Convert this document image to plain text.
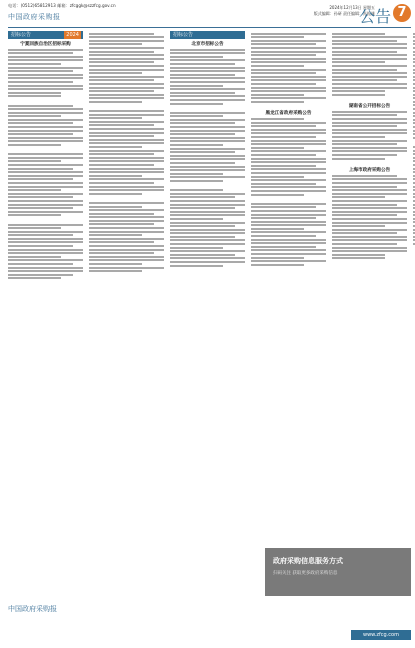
电话：(0512)65812913 邮箱：zfcggk@szzfcg.gov.cn
中国政府采购报
2024年12月13日 星期五
版式编辑：孙研 责任编辑：苏振雄
公告 7
招标公告	2024
宁夏回族自治区招标采购
招标公告
北京市招标公告
黑龙江省政府采购公告
湖南省公开招标公告
上海市政府采购公告
政府采购信息服务方式
扫码关注 获取更多政府采购信息
中国政府采购报
www.zfcg.com
